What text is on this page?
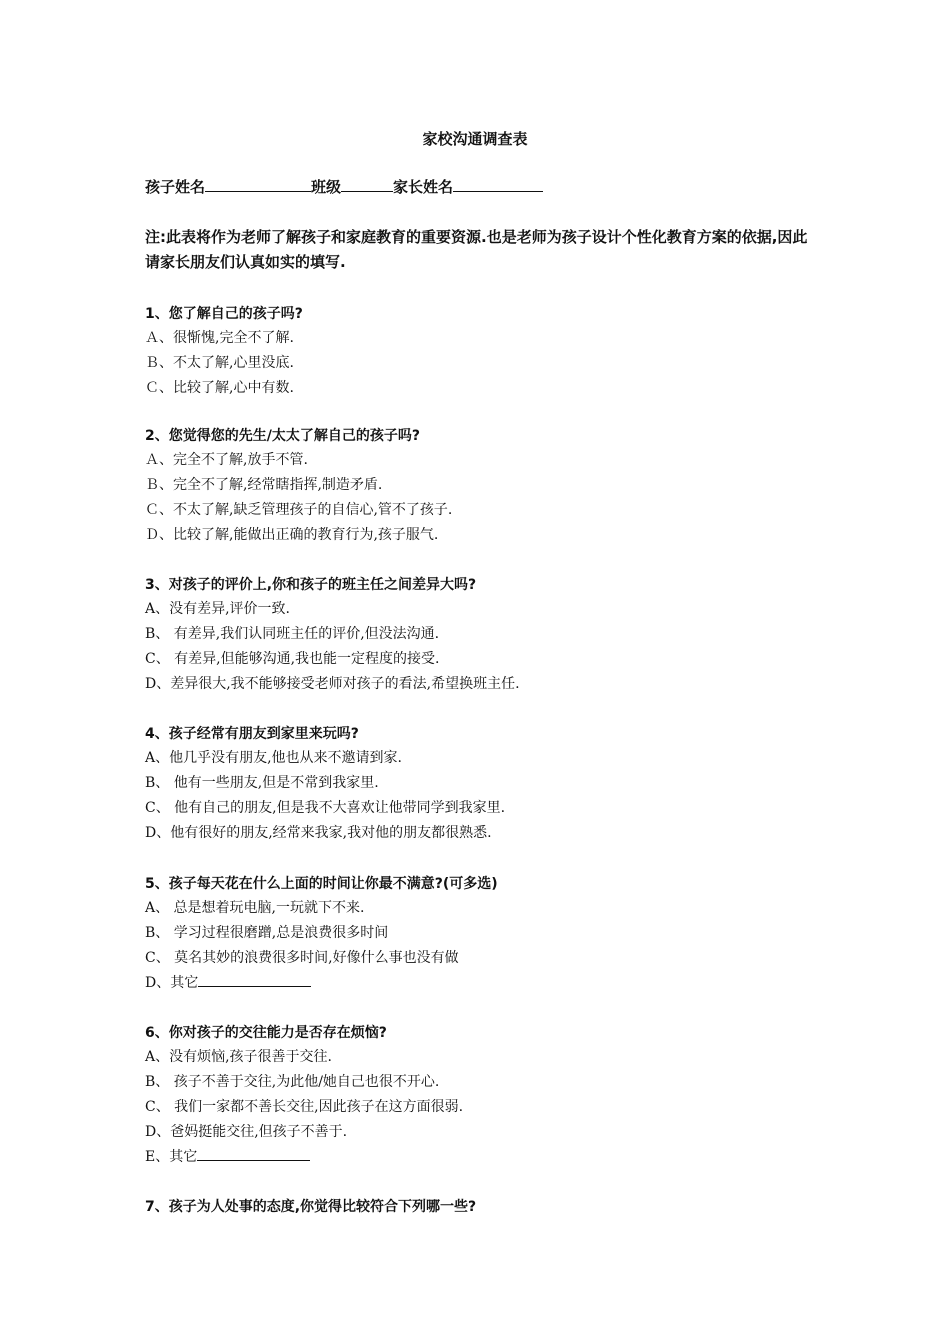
家校沟通调查表
孩子姓名	班级	家长姓名
注:此表将作为老师了解孩子和家庭教育的重要资源.也是老师为孩子设计个性化教育方案的依据,因此请家长朋友们认真如实的填写.
1、您了解自己的孩子吗?
Ａ、很惭愧,完全不了解.
Ｂ、不太了解,心里没底.
Ｃ、比较了解,心中有数.
2、您觉得您的先生/太太了解自己的孩子吗?
Ａ、完全不了解,放手不管.
Ｂ、完全不了解,经常瞎指挥,制造矛盾.
Ｃ、不太了解,缺乏管理孩子的自信心,管不了孩子.
Ｄ、比较了解,能做出正确的教育行为,孩子服气.
3、对孩子的评价上,你和孩子的班主任之间差异大吗?
A、没有差异,评价一致.
B、 有差异,我们认同班主任的评价,但没法沟通.
C、 有差异,但能够沟通,我也能一定程度的接受.
D、差异很大,我不能够接受老师对孩子的看法,希望换班主任.
4、孩子经常有朋友到家里来玩吗?
A、他几乎没有朋友,他也从来不邀请到家.
B、 他有一些朋友,但是不常到我家里.
C、 他有自己的朋友,但是我不大喜欢让他带同学到我家里.
D、他有很好的朋友,经常来我家,我对他的朋友都很熟悉.
5、孩子每天花在什么上面的时间让你最不满意?(可多选)
A、 总是想着玩电脑,一玩就下不来.
B、 学习过程很磨蹭,总是浪费很多时间
C、 莫名其妙的浪费很多时间,好像什么事也没有做
D、其它
6、你对孩子的交往能力是否存在烦恼?
A、没有烦恼,孩子很善于交往.
B、 孩子不善于交往,为此他/她自己也很不开心.
C、 我们一家都不善长交往,因此孩子在这方面很弱.
D、爸妈挺能交往,但孩子不善于.
E、其它
7、孩子为人处事的态度,你觉得比较符合下列哪一些?
